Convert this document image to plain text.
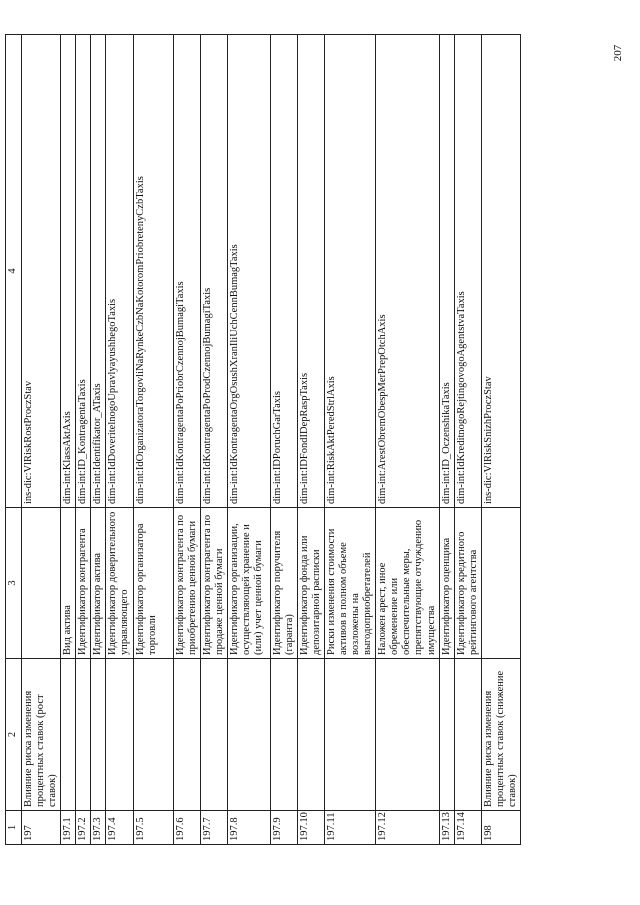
1	2	3	4
197	Влияние риска изменения процентных ставок (рост ставок)		ins-dic:VlRiskRostProczStav
197.1		Вид актива	dim-int:KlassAktAxis
197.2		Идентификатор контрагента	dim-int:ID_KontragentaTaxis
197.3		Идентификатор актива	dim-int:Identifikator_ATaxis
197.4		Идентификатор доверительного управляющего	dim-int:IdDoveritelnogoUpravlyayushhegoTaxis
197.5		Идентификатор организатора торговли	dim-int:IdOrganizatoraTorgovliNaRynkeCzbNaKotoromPriobretenyCzbTaxis
197.6		Идентификатор контрагента по приобретению ценной бумаги	dim-int:IdKontragentaPoPriobrCzennojBumagiTaxis
197.7		Идентификатор контрагента по продаже ценной бумаги	dim-int:IdKontragentaPoProdCzennojBumagiTaxis
197.8		Идентификатор организации, осуществляющей хранение и (или) учет ценной бумаги	dim-int:IdKontragentaOrgOsushXranIliUchCennBumagTaxis
197.9		Идентификатор поручителя (гаранта)	dim-int:IDPoruchGarTaxis
197.10		Идентификатор фонда или депозитарной расписки	dim-int:IDFondIDepRaspTaxis
197.11		Риски изменения стоимости активов в полном объеме возложены на выгодоприобретателей	dim-int:RiskAktPeredStrlAxis
197.12		Наложен арест, иное обременение или обеспечительные меры, препятствующие отчуждению имущества	dim-int:ArestObremObespMerPrepOtchAxis
197.13		Идентификатор оценщика	dim-int:ID_OczenshikaTaxis
197.14		Идентификатор кредитного рейтингового агентства	dim-int:IdKreditnogoRejtingovogoAgentstvaTaxis
198	Влияние риска изменения процентных ставок (снижение ставок)		ins-dic:VlRiskSnizhProczStav
207
